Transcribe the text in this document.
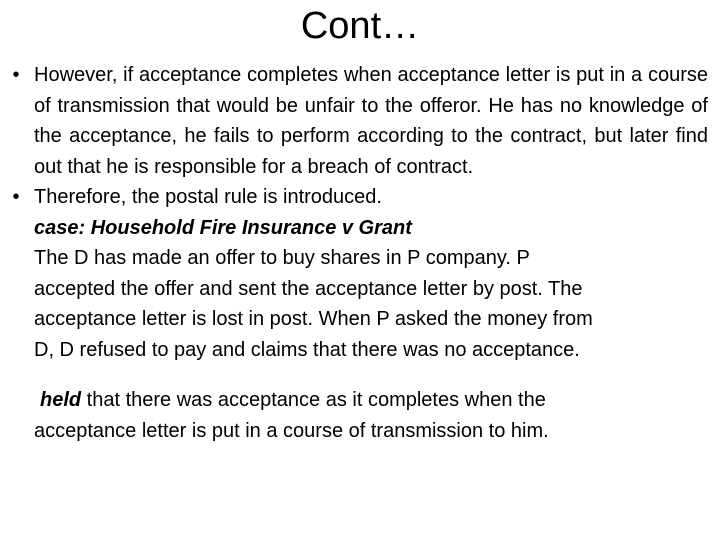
Cont…

• However, if acceptance completes when acceptance letter is put in a course of transmission that would be unfair to the offeror. He has no knowledge of the acceptance, he fails to perform according to the contract, but later find out that he is responsible for a breach of contract.

• Therefore, the postal rule is introduced.

case: Household Fire Insurance v Grant

The D has made an offer to buy shares in P company. P

accepted the offer and sent the acceptance letter by post. The

acceptance letter is lost in post. When P asked the money from

D, D refused to pay and claims that there was no acceptance.

held that there was acceptance as it completes when the
acceptance letter is put in a course of transmission to him.
